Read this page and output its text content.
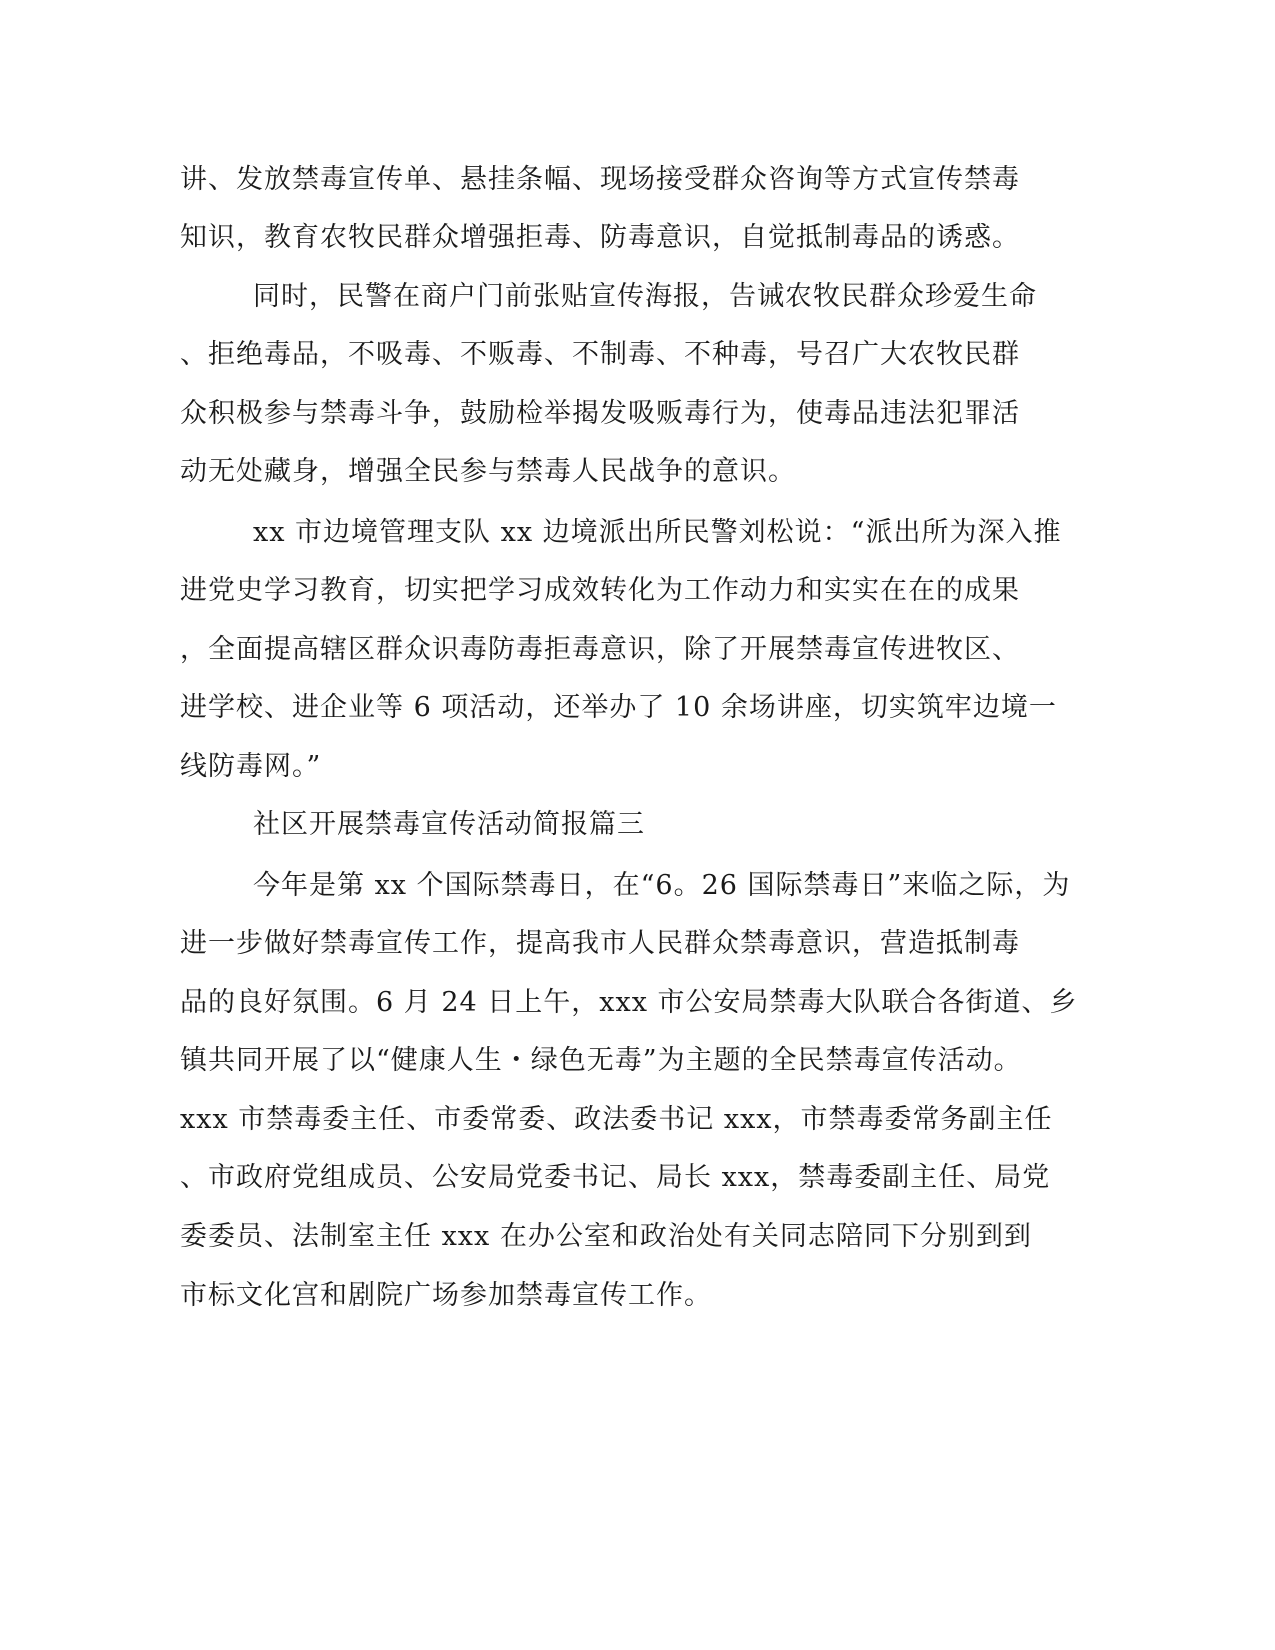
讲、发放禁毒宣传单、悬挂条幅、现场接受群众咨询等方式宣传禁毒

知识，教育农牧民群众增强拒毒、防毒意识，自觉抵制毒品的诱惑。

同时，民警在商户门前张贴宣传海报，告诫农牧民群众珍爱生命

、拒绝毒品，不吸毒、不贩毒、不制毒、不种毒，号召广大农牧民群

众积极参与禁毒斗争，鼓励检举揭发吸贩毒行为，使毒品违法犯罪活

动无处藏身，增强全民参与禁毒人民战争的意识。

xx 市边境管理支队 xx 边境派出所民警刘松说：“派出所为深入推

进党史学习教育，切实把学习成效转化为工作动力和实实在在的成果

，全面提高辖区群众识毒防毒拒毒意识，除了开展禁毒宣传进牧区、

进学校、进企业等 6 项活动，还举办了 10 余场讲座，切实筑牢边境一

线防毒网。”

社区开展禁毒宣传活动简报篇三

今年是第 xx 个国际禁毒日，在“6。26 国际禁毒日”来临之际，为

进一步做好禁毒宣传工作，提高我市人民群众禁毒意识，营造抵制毒

品的良好氛围。6 月 24 日上午，xxx 市公安局禁毒大队联合各街道、乡

镇共同开展了以“健康人生・绿色无毒”为主题的全民禁毒宣传活动。

xxx 市禁毒委主任、市委常委、政法委书记 xxx，市禁毒委常务副主任

、市政府党组成员、公安局党委书记、局长 xxx，禁毒委副主任、局党

委委员、法制室主任 xxx 在办公室和政治处有关同志陪同下分别到到

市标文化宫和剧院广场参加禁毒宣传工作。
